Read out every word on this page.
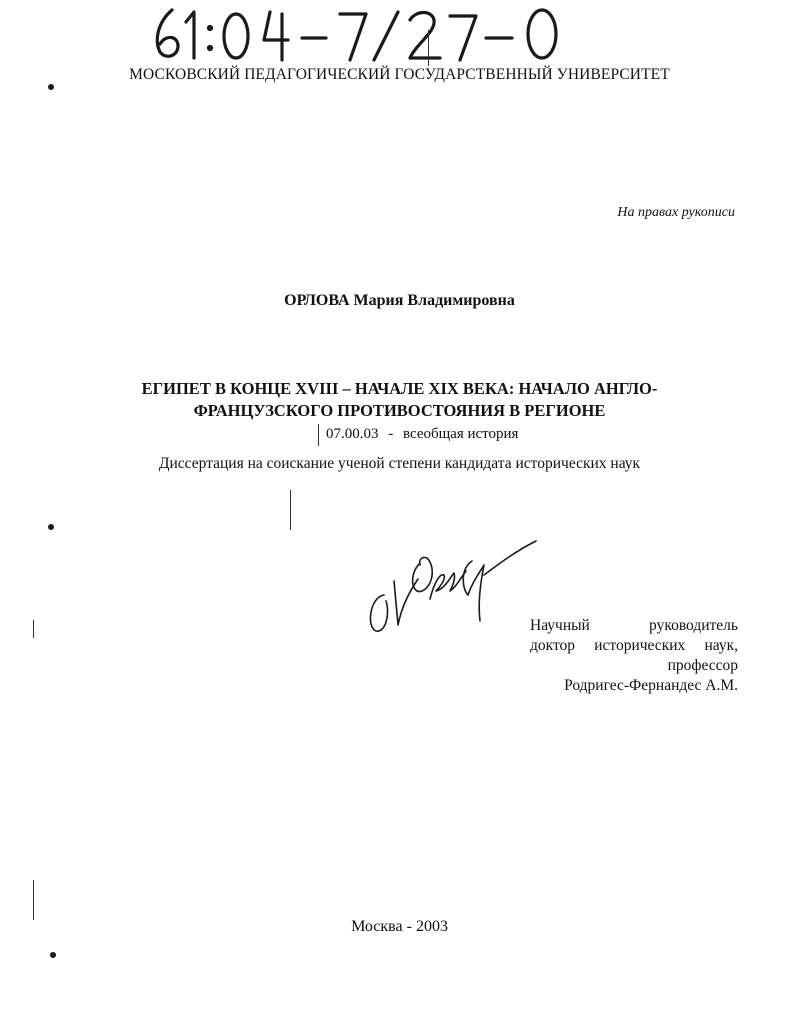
МОСКОВСКИЙ ПЕДАГОГИЧЕСКИЙ ГОСУДАРСТВЕННЫЙ УНИВЕРСИТЕТ
На правах рукописи
ОРЛОВА Мария Владимировна
ЕГИПЕТ В КОНЦЕ XVIII – НАЧАЛЕ XIX ВЕКА: НАЧАЛО АНГЛО-
ФРАНЦУЗСКОГО ПРОТИВОСТОЯНИЯ В РЕГИОНЕ
07.00.03 - всеобщая история
Диссертация на соискание ученой степени кандидата исторических наук
Научный	руководитель
доктор исторических наук,
профессор
Родригес-Фернандес А.М.
Москва - 2003
